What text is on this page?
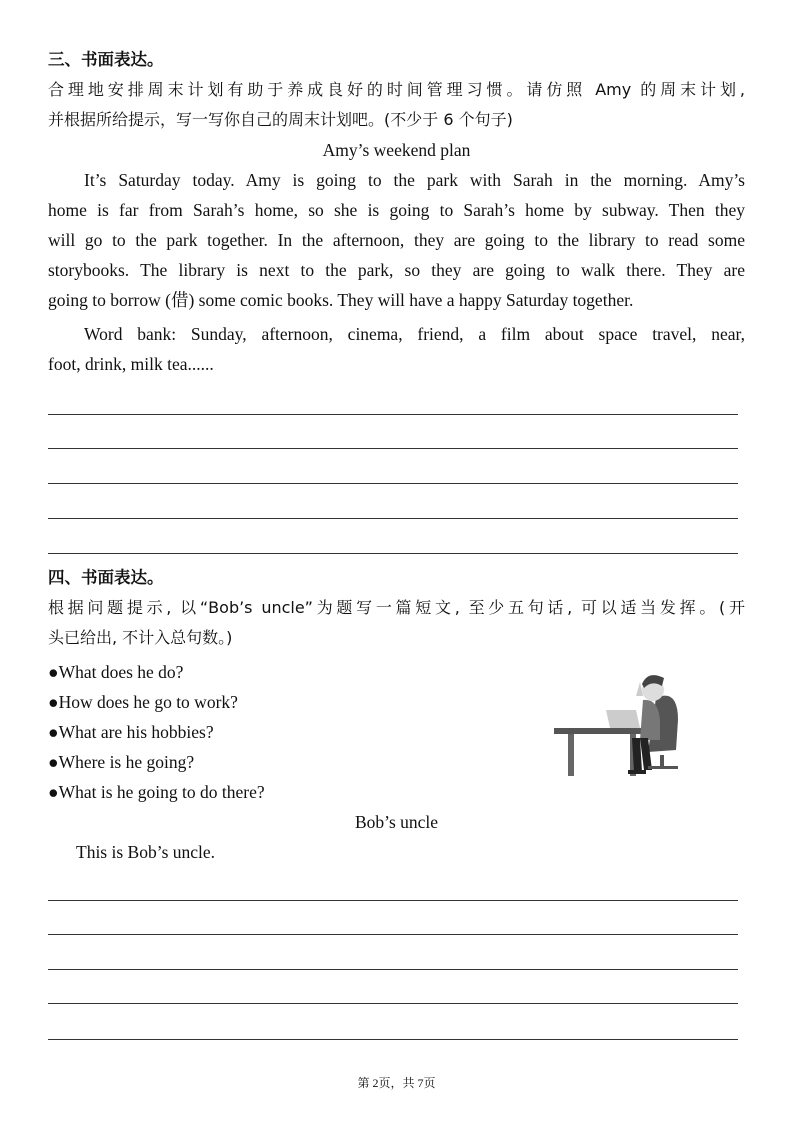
三、书面表达。
合理地安排周末计划有助于养成良好的时间管理习惯。请仿照 Amy 的周末计划,
并根据所给提示，写一写你自己的周末计划吧。(不少于 6 个句子)
Amy’s weekend plan
It’s Saturday today. Amy is going to the park with Sarah in the morning. Amy’s
home is far from Sarah’s home, so she is going to Sarah’s home by subway. Then they
will go to the park together. In the afternoon, they are going to the library to read some
storybooks. The library is next to the park, so they are going to walk there. They are
going to borrow (借) some comic books. They will have a happy Saturday together.
Word bank: Sunday, afternoon, cinema, friend, a film about space travel, near,
foot, drink, milk tea......
四、书面表达。
根据问题提示, 以“Bob’s uncle”为题写一篇短文, 至少五句话, 可以适当发挥。(开
头已给出, 不计入总句数。)
●What does he do?
●How does he go to work?
●What are his hobbies?
●Where is he going?
●What is he going to do there?
Bob’s uncle
This is Bob’s uncle.
第 2页，共 7页
